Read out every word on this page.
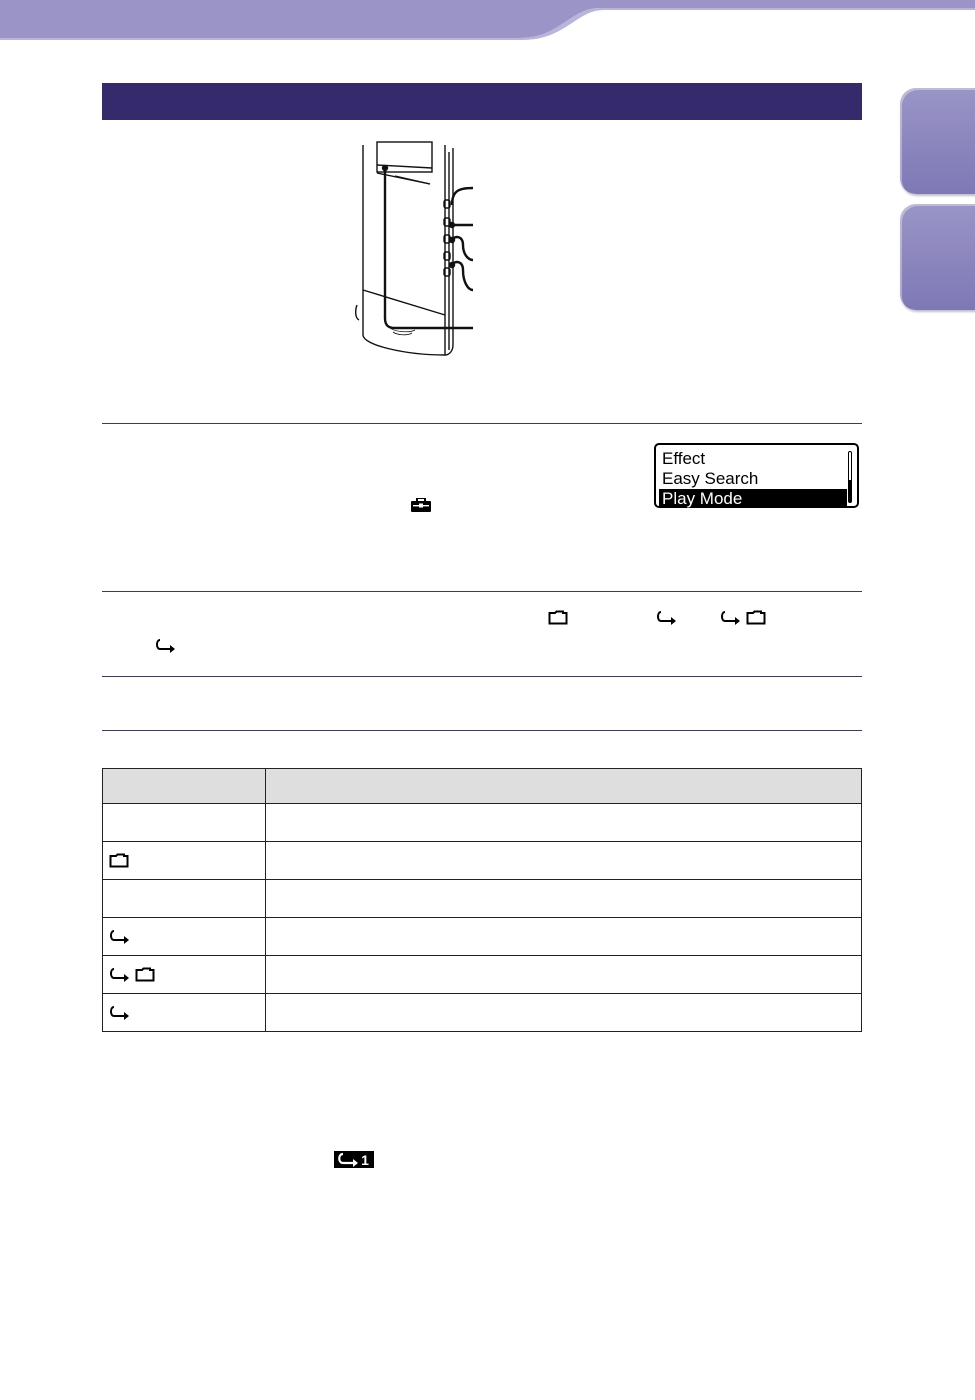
Effect
Easy Search
Play Mode

1
